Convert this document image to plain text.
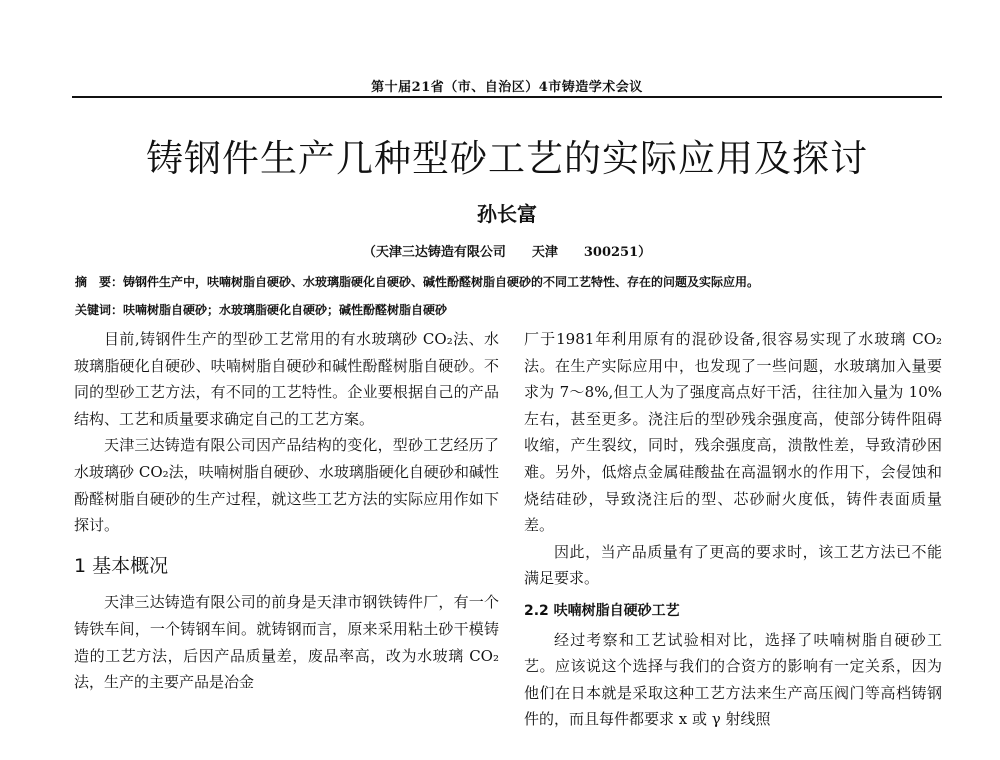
第十届21省（市、自治区）4市铸造学术会议
铸钢件生产几种型砂工艺的实际应用及探讨
孙长富
（天津三达铸造有限公司　　天津　　300251）
摘　要：铸钢件生产中，呋喃树脂自硬砂、水玻璃脂硬化自硬砂、碱性酚醛树脂自硬砂的不同工艺特性、存在的问题及实际应用。
关键词：呋喃树脂自硬砂；水玻璃脂硬化自硬砂；碱性酚醛树脂自硬砂

目前,铸钢件生产的型砂工艺常用的有水玻璃砂 CO₂法、水玻璃脂硬化自硬砂、呋喃树脂自硬砂和碱性酚醛树脂自硬砂。不同的型砂工艺方法，有不同的工艺特性。企业要根据自己的产品结构、工艺和质量要求确定自己的工艺方案。

天津三达铸造有限公司因产品结构的变化，型砂工艺经历了水玻璃砂 CO₂法，呋喃树脂自硬砂、水玻璃脂硬化自硬砂和碱性酚醛树脂自硬砂的生产过程，就这些工艺方法的实际应用作如下探讨。

1 基本概况

天津三达铸造有限公司的前身是天津市钢铁铸件厂，有一个铸铁车间，一个铸钢车间。就铸钢而言，原来采用粘土砂干模铸造的工艺方法，后因产品质量差，废品率高，改为水玻璃 CO₂法，生产的主要产品是冶金

厂于1981年利用原有的混砂设备,很容易实现了水玻璃 CO₂法。在生产实际应用中，也发现了一些问题，水玻璃加入量要求为 7～8%,但工人为了强度高点好干活，往往加入量为 10%左右，甚至更多。浇注后的型砂残余强度高，使部分铸件阻碍收缩，产生裂纹，同时，残余强度高，溃散性差，导致清砂困难。另外，低熔点金属硅酸盐在高温钢水的作用下，会侵蚀和烧结硅砂，导致浇注后的型、芯砂耐火度低，铸件表面质量差。

因此，当产品质量有了更高的要求时，该工艺方法已不能满足要求。

2.2 呋喃树脂自硬砂工艺

经过考察和工艺试验相对比，选择了呋喃树脂自硬砂工艺。应该说这个选择与我们的合资方的影响有一定关系，因为他们在日本就是采取这种工艺方法来生产高压阀门等高档铸钢件的，而且每件都要求 x 或 γ 射线照
